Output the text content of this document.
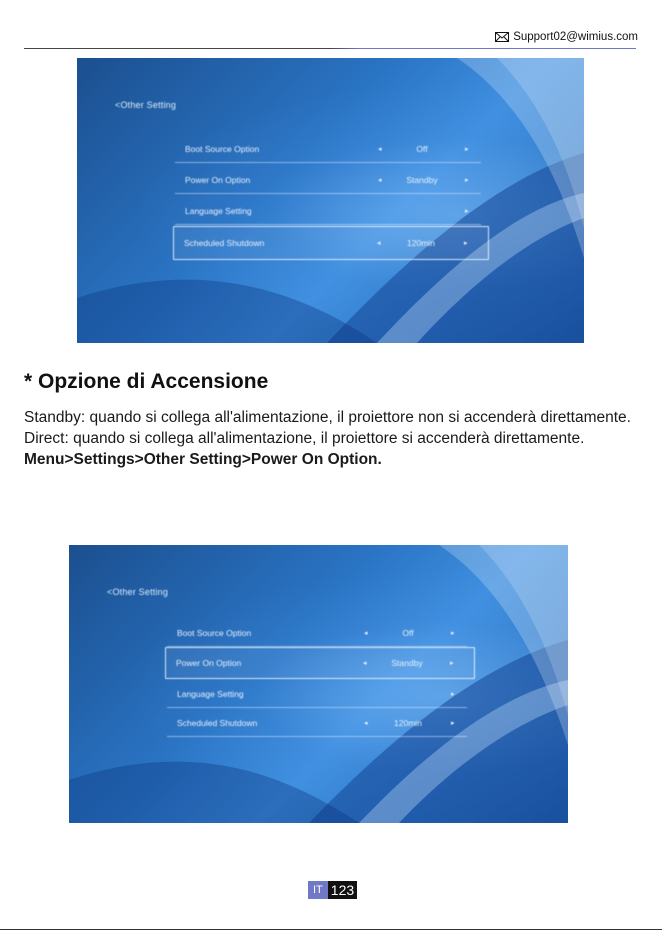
Support02@wimius.com
<Other Setting
Boot Source Option	◂	Off	▸
Power On Option	◂	Standby	▸
Language Setting	▸
Scheduled Shutdown	◂	120min	▸
* Opzione di Accensione

Standby: quando si collega all'alimentazione, il proiettore non si accenderà direttamente.

Direct: quando si collega all'alimentazione, il proiettore si accenderà direttamente.

Menu>Settings>Other Setting>Power On Option.

<Other Setting
Boot Source Option	◂	Off	▸
Power On Option	◂	Standby	▸
Language Setting	▸
Scheduled Shutdown	◂	120min	▸
IT 123
